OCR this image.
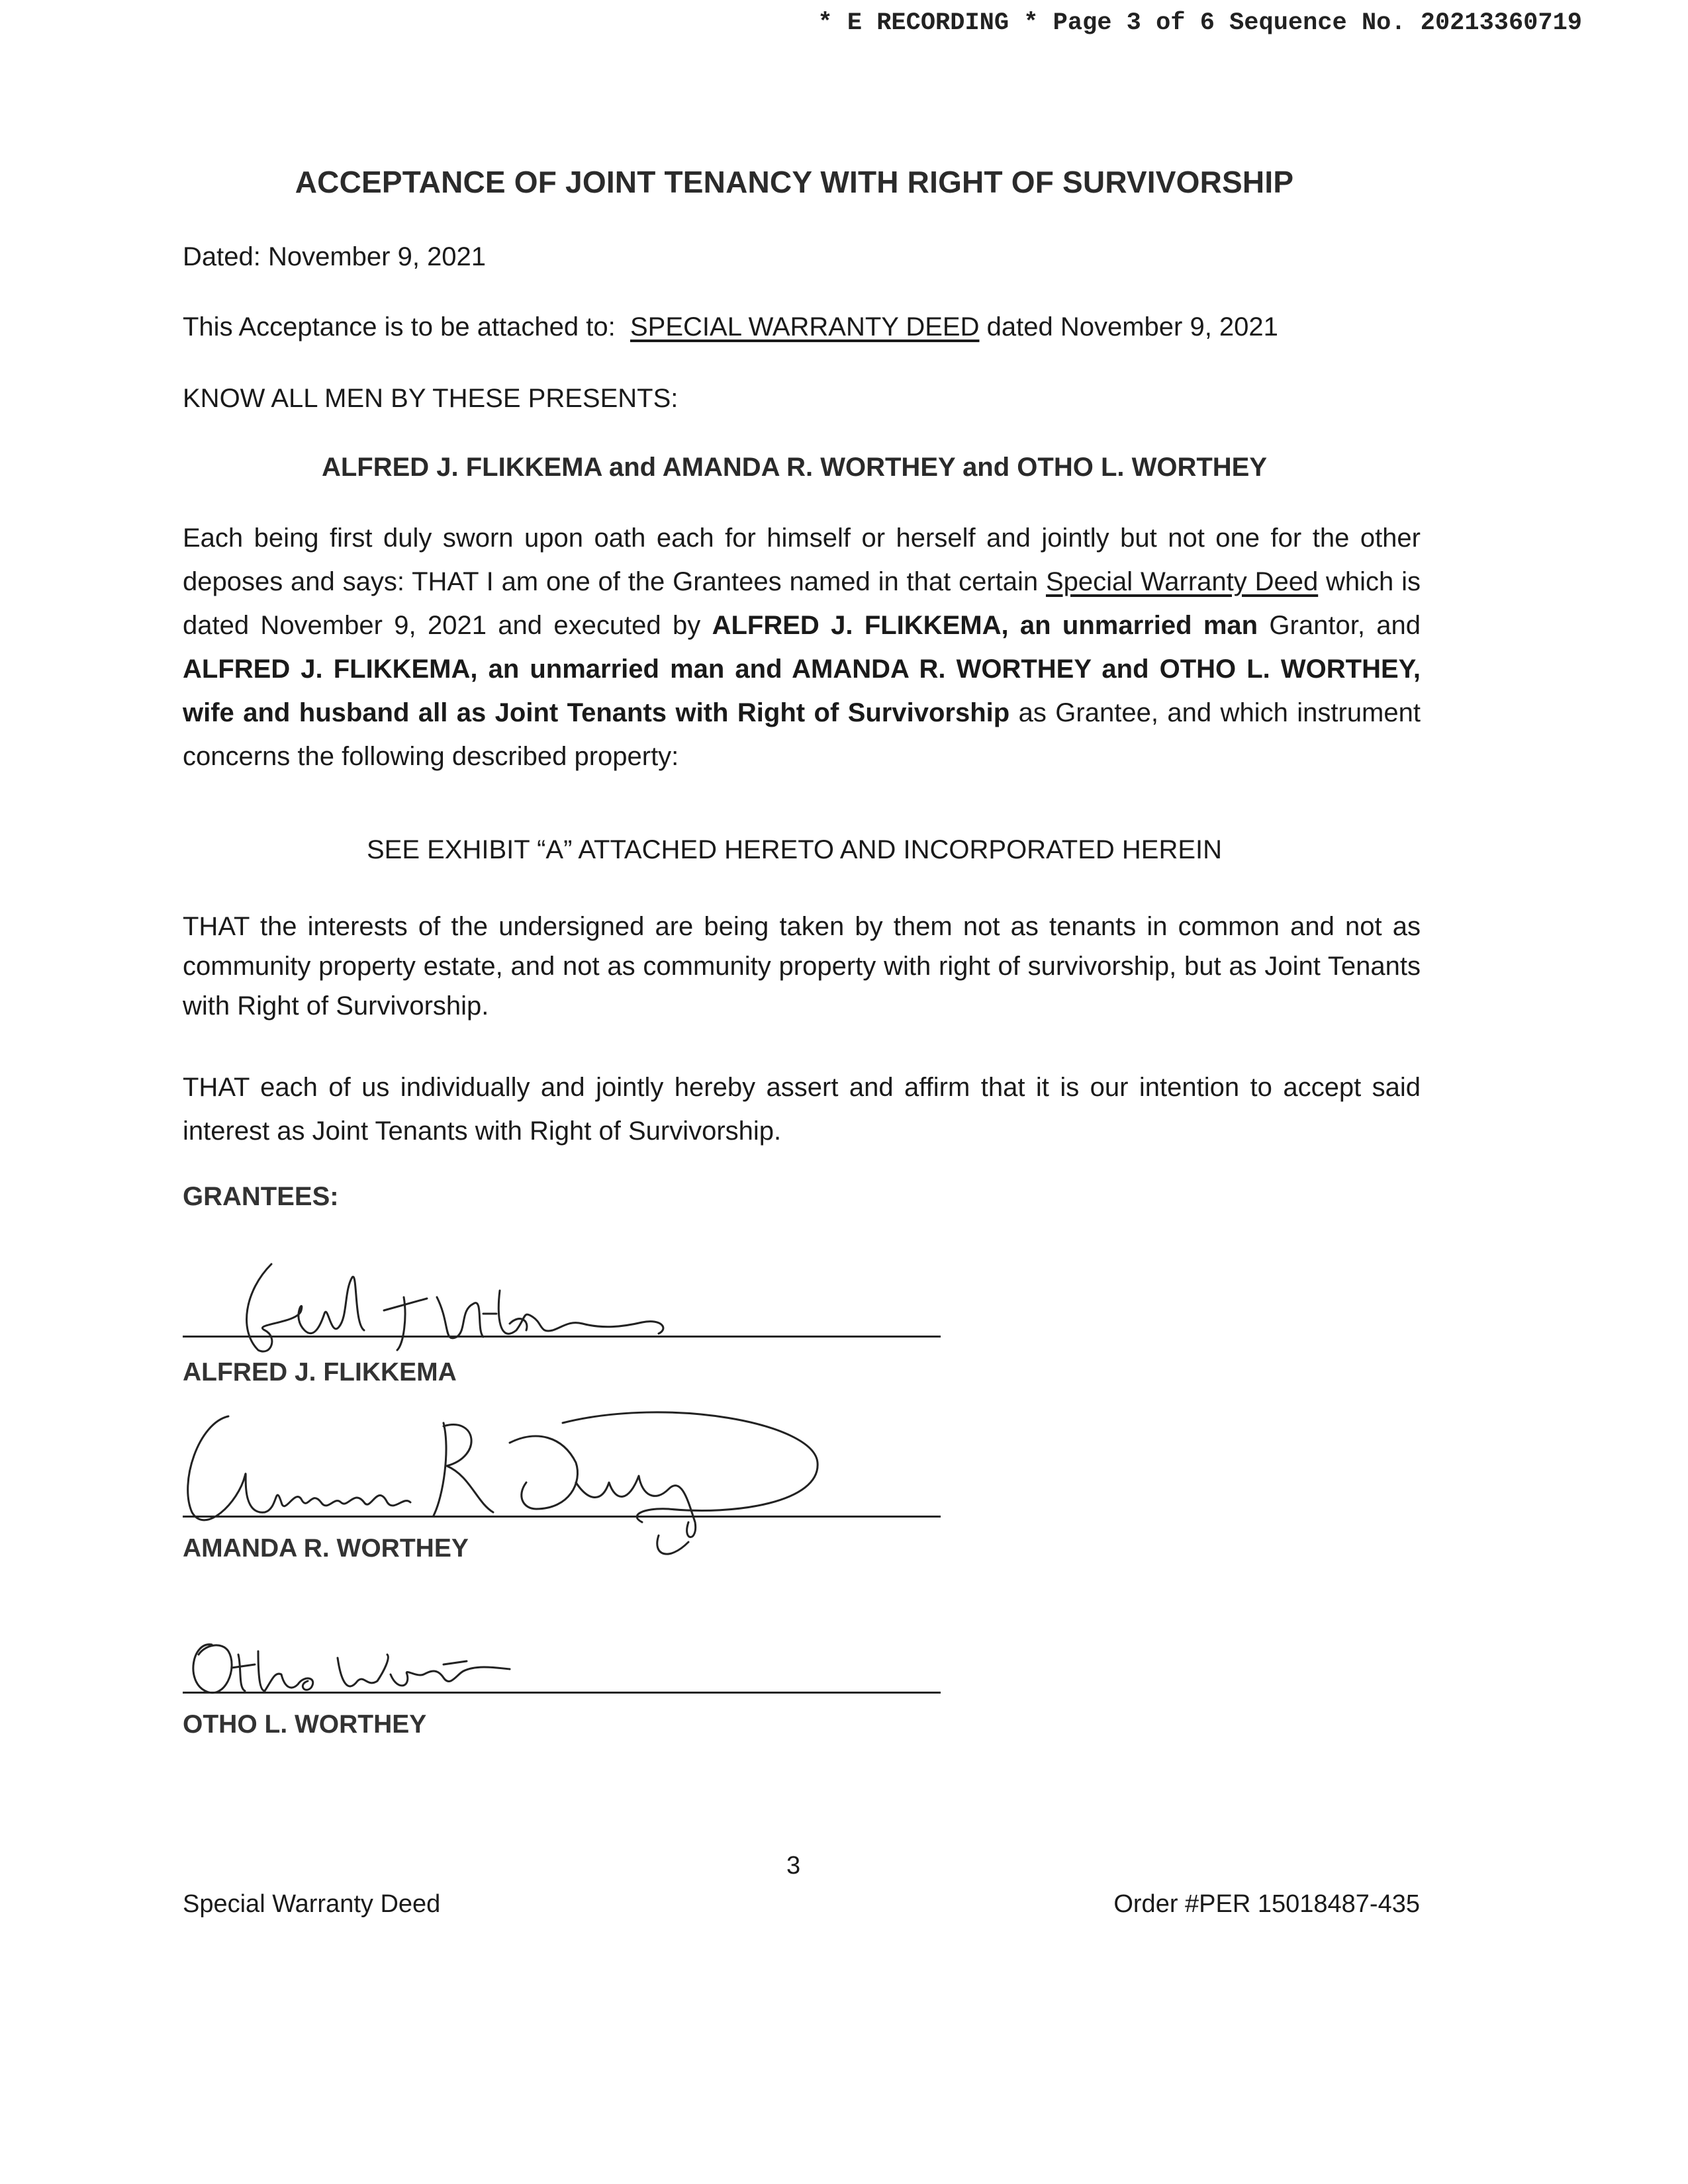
* E RECORDING * Page 3 of 6 Sequence No. 20213360719
ACCEPTANCE OF JOINT TENANCY WITH RIGHT OF SURVIVORSHIP
Dated: November 9, 2021
This Acceptance is to be attached to:  SPECIAL WARRANTY DEED dated November 9, 2021
KNOW ALL MEN BY THESE PRESENTS:
ALFRED J. FLIKKEMA and AMANDA R. WORTHEY and OTHO L. WORTHEY
Each being first duly sworn upon oath each for himself or herself and jointly but not one for the other deposes and says: THAT I am one of the Grantees named in that certain Special Warranty Deed which is dated November 9, 2021 and executed by ALFRED J. FLIKKEMA, an unmarried man Grantor, and ALFRED J. FLIKKEMA, an unmarried man and AMANDA R. WORTHEY and OTHO L. WORTHEY, wife and husband all as Joint Tenants with Right of Survivorship as Grantee, and which instrument concerns the following described property:
SEE EXHIBIT “A” ATTACHED HERETO AND INCORPORATED HEREIN
THAT the interests of the undersigned are being taken by them not as tenants in common and not as community property estate, and not as community property with right of survivorship, but as Joint Tenants with Right of Survivorship.
THAT each of us individually and jointly hereby assert and affirm that it is our intention to accept said interest as Joint Tenants with Right of Survivorship.
GRANTEES:
ALFRED J. FLIKKEMA
AMANDA R. WORTHEY
OTHO L. WORTHEY
3
Special Warranty Deed	Order #PER 15018487-435
